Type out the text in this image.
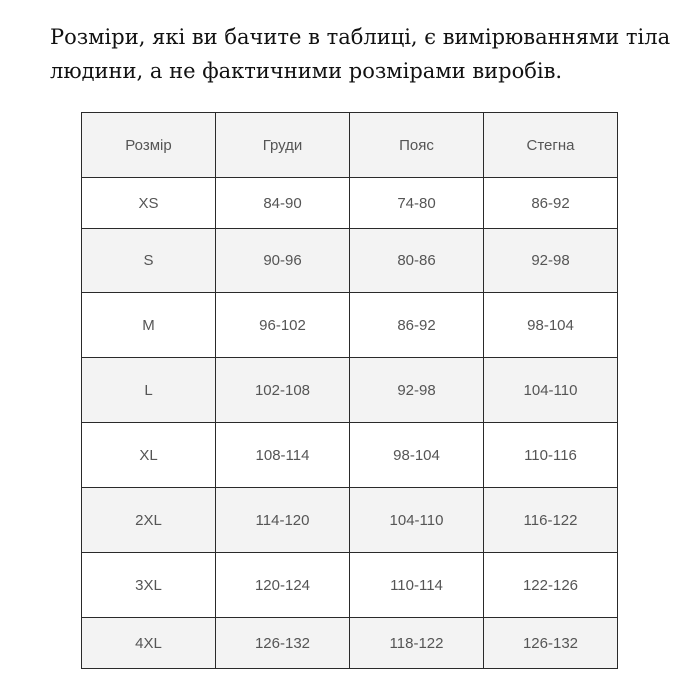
Розміри, які ви бачите в таблиці, є вимірюваннями тіла
людини, а не фактичними розмірами виробів.

Розмір	Груди	Пояс	Стегна
XS	84-90	74-80	86-92
S	90-96	80-86	92-98
M	96-102	86-92	98-104
L	102-108	92-98	104-110
XL	108-114	98-104	110-116
2XL	114-120	104-110	116-122
3XL	120-124	110-114	122-126
4XL	126-132	118-122	126-132
